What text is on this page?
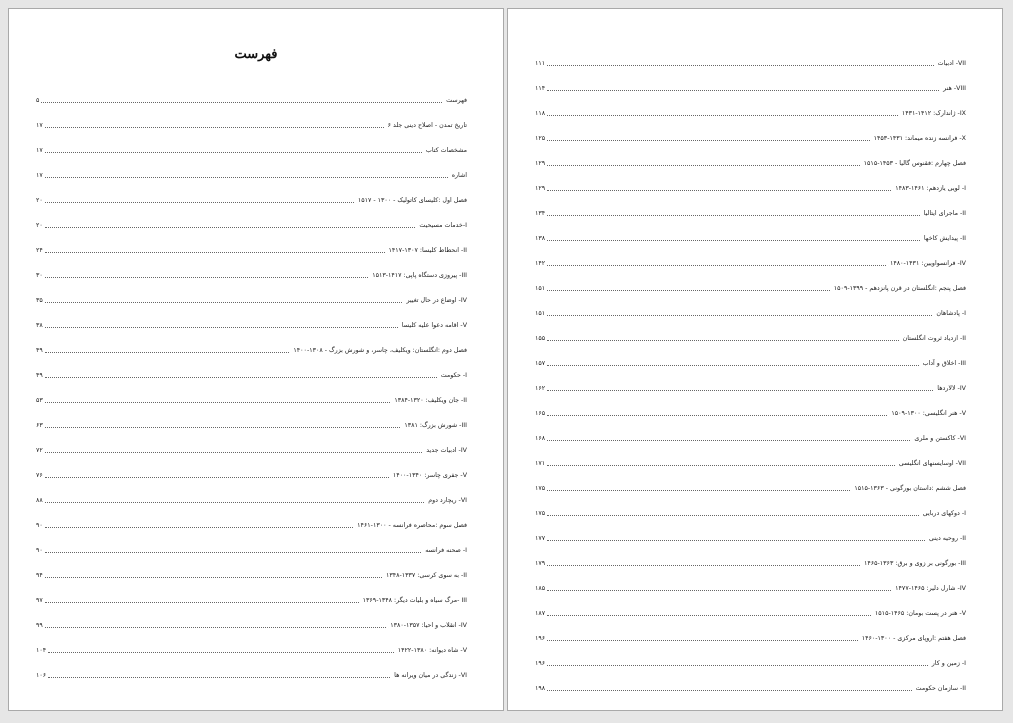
فهرست
فهرست
۵
تاریخ تمدن - اصلاح دینی جلد ۶
۱۷
مشخصات کتاب
۱۷
اشاره
۱۷
فصل اول :کلیسای کاتولیک - ۱۳۰۰ - ۱۵۱۷
۲۰
I-خدمات مسیحیت
۲۰
II- انحطاط کلیسا: ۱۳۰۷-۱۴۱۷
۲۴
III- پیروزی دستگاه پاپی: ۱۴۱۷-۱۵۱۳
۳۰
IV- اوضاع در حال تغییر
۳۵
V- اقامه دعوا علیه کلیسا
۳۸
فصل دوم :انگلستان: ویکلیف، چاسر، و شورش بزرگ - ۱۳۰۸-۱۴۰۰
۴۹
I- حکومت
۴۹
II- جان ویکلیف: ۱۳۲۰-۱۳۸۴
۵۳
III- شورش بزرگ: ۱۳۸۱
۶۳
IV- ادبیات جدید
۷۲
V- جفری چاسر: ۱۳۴۰-۱۴۰۰
۷۶
VI- ریچارد دوم
۸۸
فصل سوم :محاصره فرانسه - ۱۳۰۰-۱۴۶۱
۹۰
I- صحنه فرانسه
۹۰
II- به سوی کرسی: ۱۳۳۷-۱۳۴۸
۹۴
III -مرگ سیاه و بلیات دیگر: ۱۳۴۸-۱۳۶۹
۹۷
IV- انقلاب و احیا: ۱۳۵۷-۱۳۸۰
۹۹
V- شاه دیوانه: ۱۳۸۰-۱۴۲۲
۱۰۴
VI- زندگی در میان ویرانه ها
۱۰۶
VII- ادبیات
۱۱۱
VIII- هنر
۱۱۴
IX- ژاندارک: ۱۴۱۲-۱۴۳۱
۱۱۸
X- فرانسه زنده میماند: ۱۴۳۱-۱۴۵۳
۱۲۵
فصل چهارم :فقنوس گالیا - ۱۴۵۳-۱۵۱۵
۱۲۹
I- لویی یازدهم: ۱۴۶۱-۱۴۸۳
۱۲۹
II- ماجرای ایتالیا
۱۳۴
II- پیدایش کاخها
۱۳۸
IV- فرانسواویین: ۱۴۳۱-۱۴۸۰
۱۴۲
فصل پنجم :انگلستان در قرن پانزدهم - ۱۳۹۹-۱۵۰۹
۱۵۱
I- پادشاهان
۱۵۱
II- ازدیاد ثروت انگلستان
۱۵۵
III- اخلاق و آداب
۱۵۷
IV- لالاردها
۱۶۲
V- هنر انگلیسی: ۱۳۰۰-۱۵۰۹
۱۶۵
VI- کاکستن و ملری
۱۶۸
VII- اوسایسنهای انگلیسی
۱۷۱
فصل ششم :داستان بورگونی - ۱۳۶۳-۱۵۱۵
۱۷۵
I- دوکهای دربایی
۱۷۵
II- روحیه دینی
۱۷۷
III- بورگونی بر زوی و برق: ۱۳۶۳-۱۴۶۵
۱۷۹
IV- شارل دلیر: ۱۴۶۵-۱۴۷۷
۱۸۵
V- هنر در پست بومان: ۱۴۶۵-۱۵۱۵
۱۸۷
فصل هفتم :اروپای مرکزی - ۱۳۰۰-۱۴۶۰
۱۹۶
I- زمین و کار
۱۹۶
II- سازمان حکومت
۱۹۸
